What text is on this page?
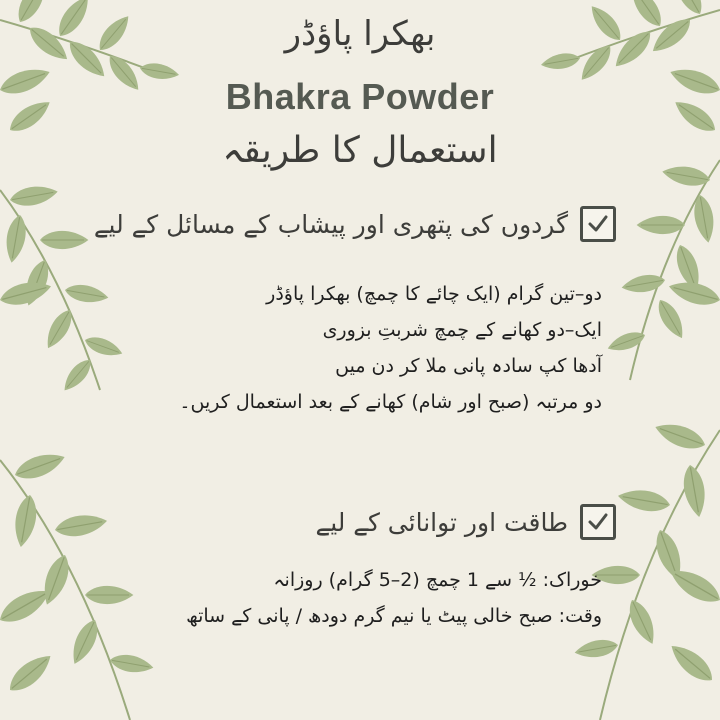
بھکرا پاؤڈر
Bhakra Powder
استعمال کا طریقہ
گردوں کی پتھری اور پیشاب کے مسائل کے لیے
دو–تین گرام (ایک چائے کا چمچ) بھکرا پاؤڈر
ایک–دو کھانے کے چمچ شربتِ بزوری
آدھا کپ سادہ پانی ملا کر دن میں
دو مرتبہ (صبح اور شام) کھانے کے بعد استعمال کریں۔
طاقت اور توانائی کے لیے
خوراک: ½ سے 1 چمچ (2–5 گرام) روزانہ
وقت: صبح خالی پیٹ یا نیم گرم دودھ / پانی کے ساتھ
